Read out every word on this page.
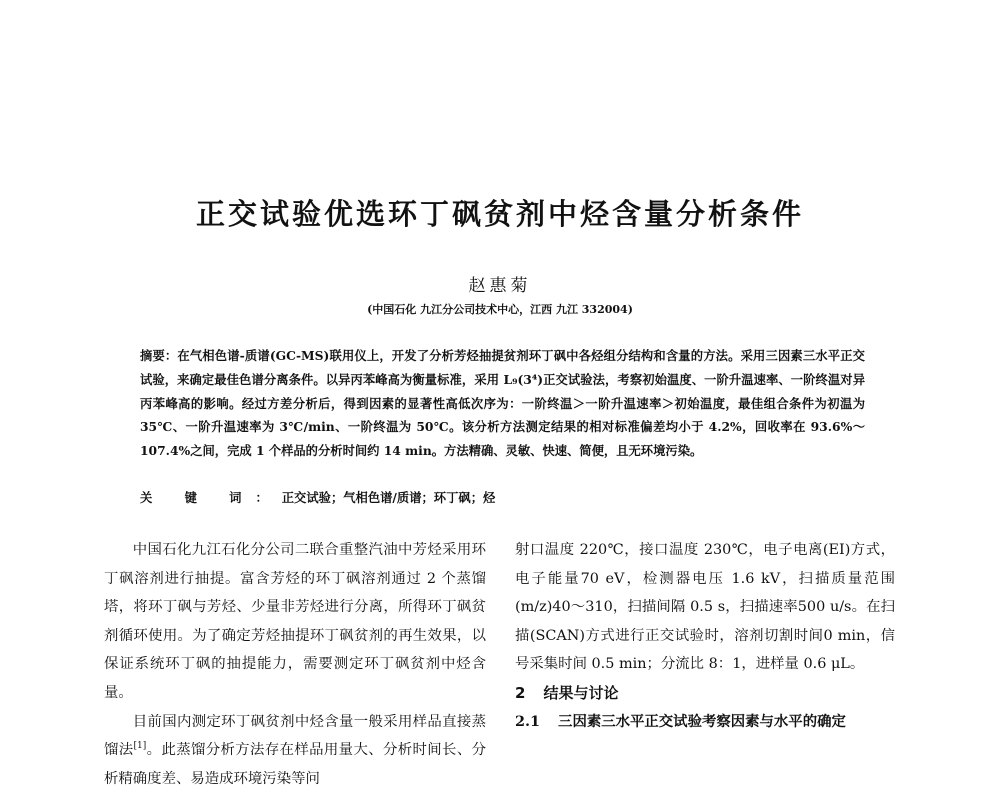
正交试验优选环丁砜贫剂中烃含量分析条件
赵惠菊
(中国石化 九江分公司技术中心，江西 九江 332004)

摘要：在气相色谱-质谱(GC-MS)联用仪上，开发了分析芳烃抽提贫剂环丁砜中各烃组分结构和含量的方法。采用三因素三水平正交试验，来确定最佳色谱分离条件。以异丙苯峰高为衡量标准，采用 L₉(3⁴)正交试验法，考察初始温度、一阶升温速率、一阶终温对异丙苯峰高的影响。经过方差分析后，得到因素的显著性高低次序为：一阶终温＞一阶升温速率＞初始温度，最佳组合条件为初温为 35℃、一阶升温速率为 3℃/min、一阶终温为 50℃。该分析方法测定结果的相对标准偏差均小于 4.2%，回收率在 93.6%～107.4%之间，完成 1 个样品的分析时间约 14 min。方法精确、灵敏、快速、简便，且无环境污染。

关 键 词：正交试验；气相色谱/质谱；环丁砜；烃

中国石化九江石化分公司二联合重整汽油中芳烃采用环丁砜溶剂进行抽提。富含芳烃的环丁砜溶剂通过 2 个蒸馏塔，将环丁砜与芳烃、少量非芳烃进行分离，所得环丁砜贫剂循环使用。为了确定芳烃抽提环丁砜贫剂的再生效果，以保证系统环丁砜的抽提能力，需要测定环丁砜贫剂中烃含量。

目前国内测定环丁砜贫剂中烃含量一般采用样品直接蒸馏法[1]。此蒸馏分析方法存在样品用量大、分析时间长、分析精确度差、易造成环境污染等问

射口温度 220℃，接口温度 230℃，电子电离(EI)方式，电子能量70 eV，检测器电压 1.6 kV，扫描质量范围(m/z)40～310，扫描间隔 0.5 s，扫描速率500 u/s。在扫描(SCAN)方式进行正交试验时，溶剂切割时间0 min，信号采集时间 0.5 min；分流比 8：1，进样量 0.6 μL。

2 结果与讨论

2.1 三因素三水平正交试验考察因素与水平的确定
